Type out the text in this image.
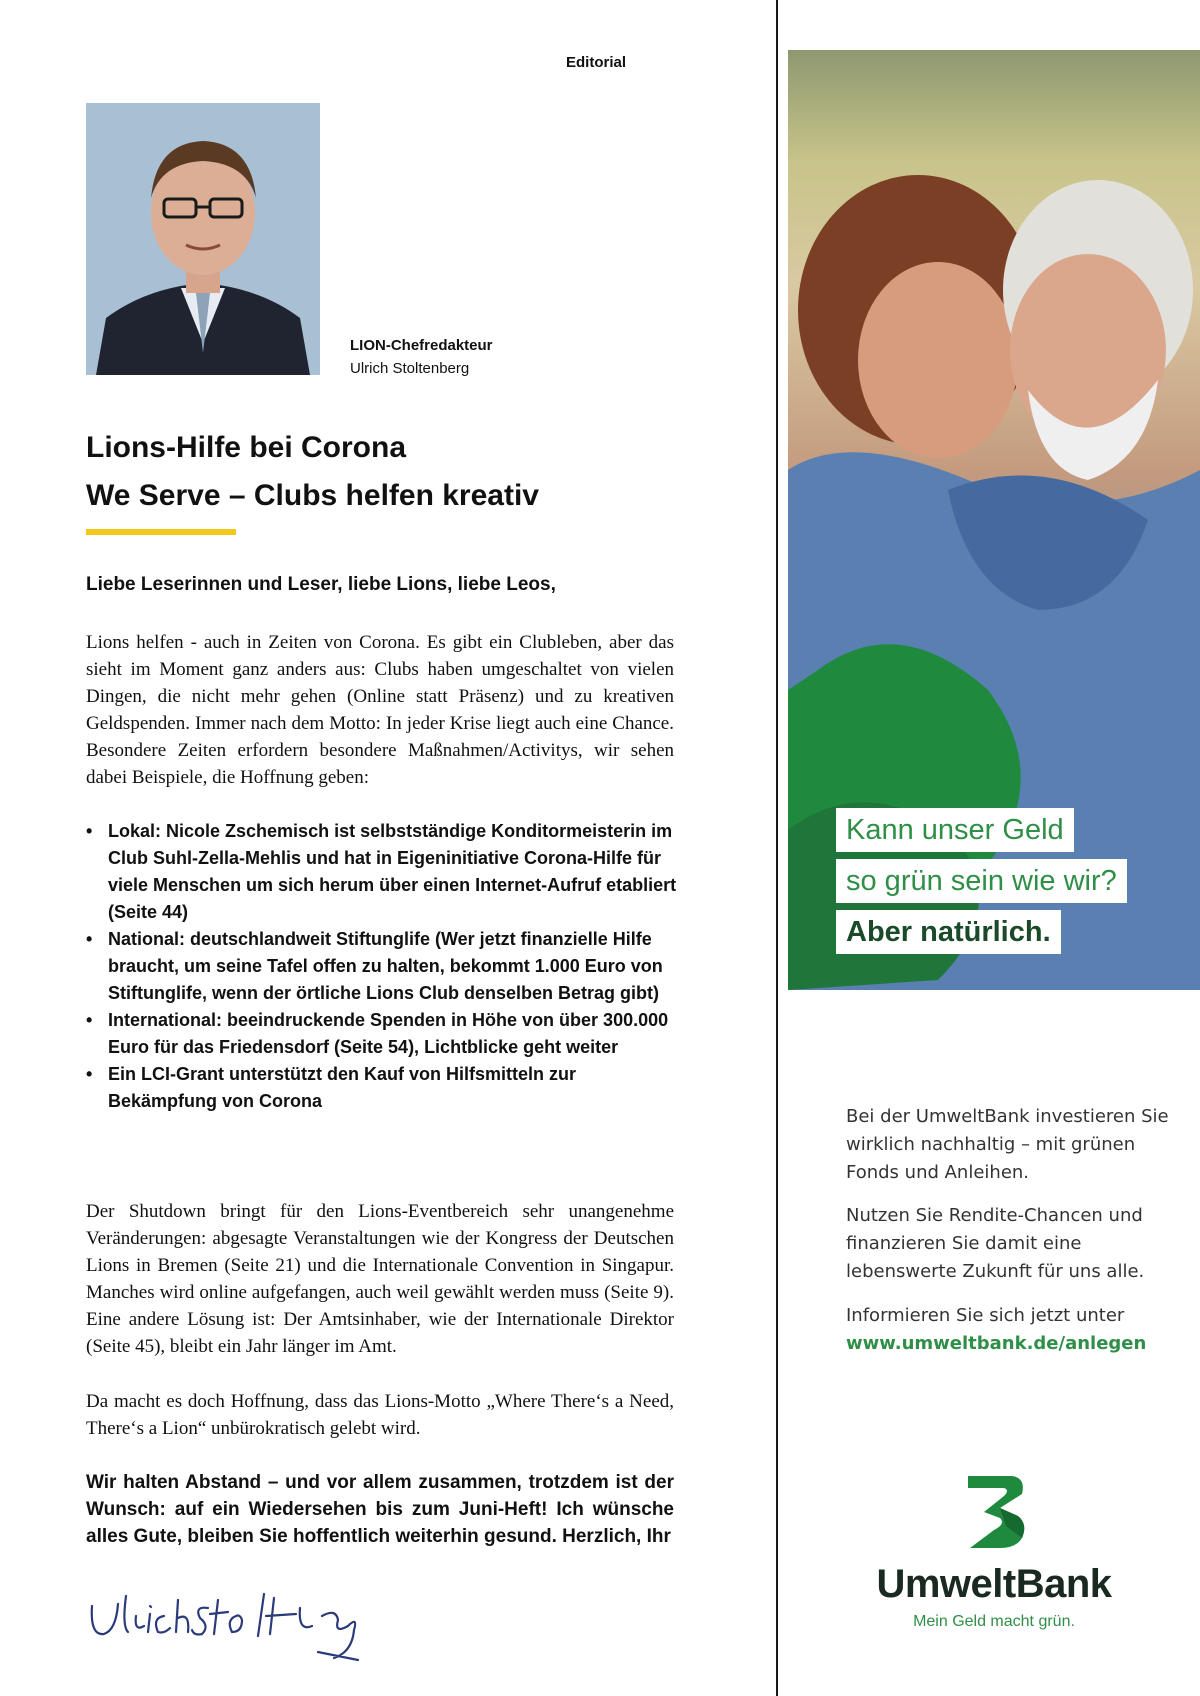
Editorial
LION-Chefredakteur
Ulrich Stoltenberg
Lions-Hilfe bei Corona
We Serve – Clubs helfen kreativ
Liebe Leserinnen und Leser, liebe Lions, liebe Leos,

Lions helfen - auch in Zeiten von Corona. Es gibt ein Clubleben, aber das sieht im Moment ganz anders aus: Clubs haben umgeschaltet von vielen Dingen, die nicht mehr gehen (Online statt Präsenz) und zu kreativen Geldspenden. Immer nach dem Motto: In jeder Krise liegt auch eine Chance. Besondere Zeiten erfordern besondere Maßnahmen/Activitys, wir sehen dabei Beispiele, die Hoffnung geben:

• Lokal: Nicole Zschemisch ist selbstständige Konditormeisterin im Club Suhl-Zella-Mehlis und hat in Eigeninitiative Corona-Hilfe für viele Menschen um sich herum über einen Internet-Aufruf etabliert (Seite 44)
• National: deutschlandweit Stiftunglife (Wer jetzt finanzielle Hilfe braucht, um seine Tafel offen zu halten, bekommt 1.000 Euro von Stiftunglife, wenn der örtliche Lions Club denselben Betrag gibt)
• International: beeindruckende Spenden in Höhe von über 300.000 Euro für das Friedensdorf (Seite 54), Lichtblicke geht weiter
• Ein LCI-Grant unterstützt den Kauf von Hilfsmitteln zur Bekämpfung von Corona

Der Shutdown bringt für den Lions-Eventbereich sehr unangenehme Veränderungen: abgesagte Veranstaltungen wie der Kongress der Deutschen Lions in Bremen (Seite 21) und die Internationale Convention in Singapur. Manches wird online aufgefangen, auch weil gewählt werden muss (Seite 9). Eine andere Lösung ist: Der Amtsinhaber, wie der Internationale Direktor (Seite 45), bleibt ein Jahr länger im Amt.

Da macht es doch Hoffnung, dass das Lions-Motto „Where There‘s a Need, There‘s a Lion“ unbürokratisch gelebt wird.

Wir halten Abstand – und vor allem zusammen, trotzdem ist der Wunsch: auf ein Wiedersehen bis zum Juni-Heft! Ich wünsche alles Gute, bleiben Sie hoffentlich weiterhin gesund. Herzlich, Ihr

Kann unser Geld
so grün sein wie wir?
Aber natürlich.
Bei der UmweltBank investieren Sie wirklich nachhaltig – mit grünen Fonds und Anleihen.
Nutzen Sie Rendite-Chancen und finanzieren Sie damit eine lebenswerte Zukunft für uns alle.
Informieren Sie sich jetzt unter
www.umweltbank.de/anlegen
UmweltBank
Mein Geld macht grün.
